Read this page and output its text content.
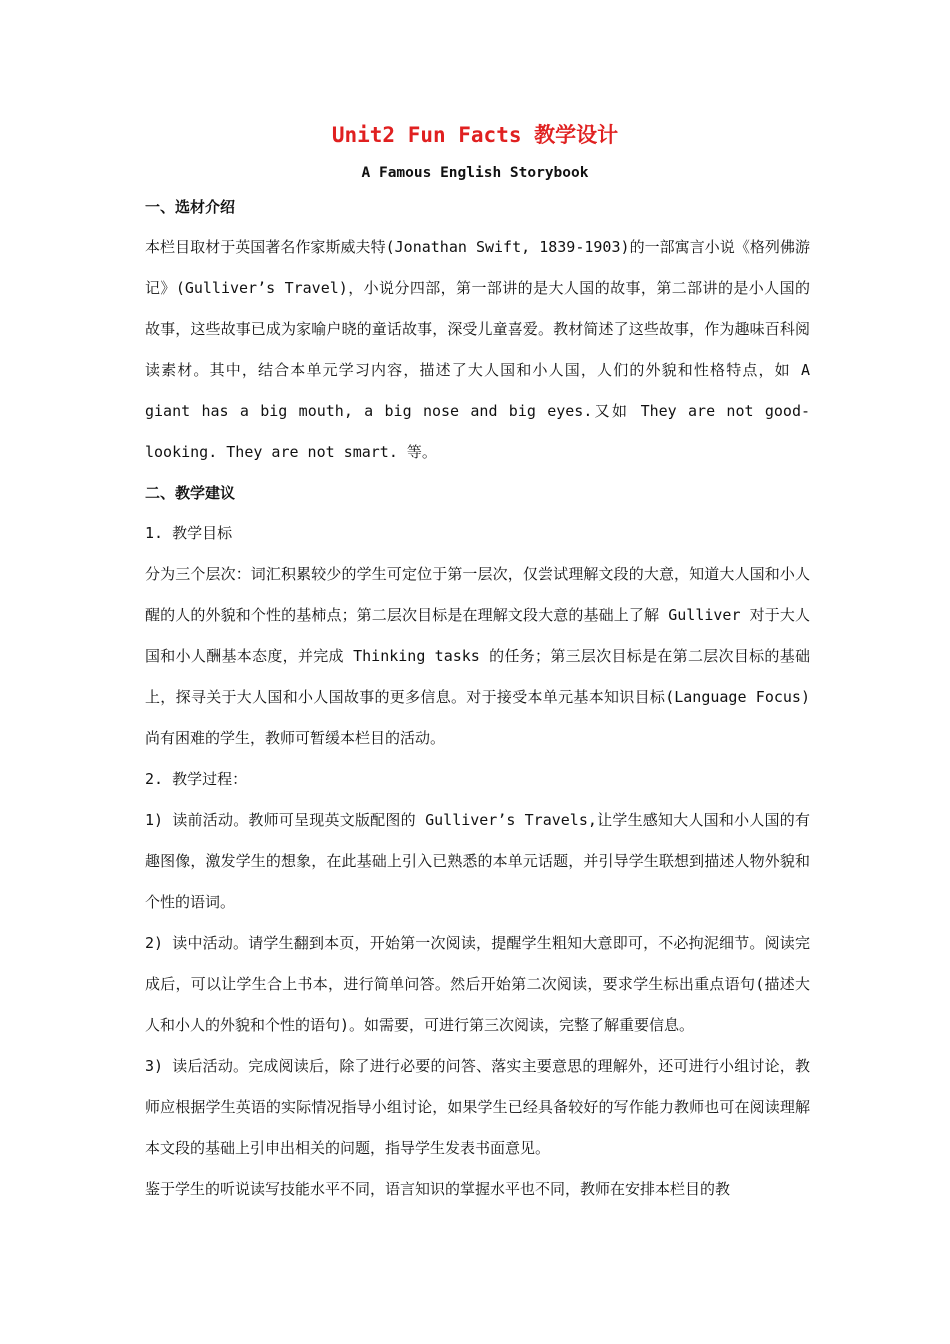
Unit2 Fun Facts 教学设计
A Famous English Storybook

一、选材介绍

本栏目取材于英国著名作家斯威夫特(Jonathan Swift, 1839-1903)的一部寓言小说《格列佛游记》(Gulliver’s Travel)，小说分四部，第一部讲的是大人国的故事，第二部讲的是小人国的故事，这些故事已成为家喻户晓的童话故事，深受儿童喜爱。教材简述了这些故事，作为趣味百科阅读素材。其中，结合本单元学习内容，描述了大人国和小人国，人们的外貌和性格特点，如 A giant has a big mouth, a big nose and big eyes.又如 They are not good-looking. They are not smart. 等。

二、教学建议

1. 教学目标

分为三个层次：词汇积累较少的学生可定位于第一层次，仅尝试理解文段的大意，知道大人国和小人醒的人的外貌和个性的基柿点；第二层次目标是在理解文段大意的基础上了解 Gulliver 对于大人国和小人酬基本态度，并完成 Thinking tasks 的任务；第三层次目标是在第二层次目标的基础上，探寻关于大人国和小人国故事的更多信息。对于接受本单元基本知识目标(Language Focus)尚有困难的学生，教师可暂缓本栏目的活动。

2. 教学过程：

1) 读前活动。教师可呈现英文版配图的 Gulliver’s Travels,让学生感知大人国和小人国的有趣图像，激发学生的想象，在此基础上引入已熟悉的本单元话题，并引导学生联想到描述人物外貌和个性的语词。

2) 读中活动。请学生翻到本页，开始第一次阅读，提醒学生粗知大意即可，不必拘泥细节。阅读完成后，可以让学生合上书本，进行简单问答。然后开始第二次阅读，要求学生标出重点语句(描述大人和小人的外貌和个性的语句)。如需要，可进行第三次阅读，完整了解重要信息。

3) 读后活动。完成阅读后，除了进行必要的问答、落实主要意思的理解外，还可进行小组讨论，教师应根据学生英语的实际情况指导小组讨论，如果学生已经具备较好的写作能力教师也可在阅读理解本文段的基础上引申出相关的问题，指导学生发表书面意见。

鉴于学生的听说读写技能水平不同，语言知识的掌握水平也不同，教师在安排本栏目的教
